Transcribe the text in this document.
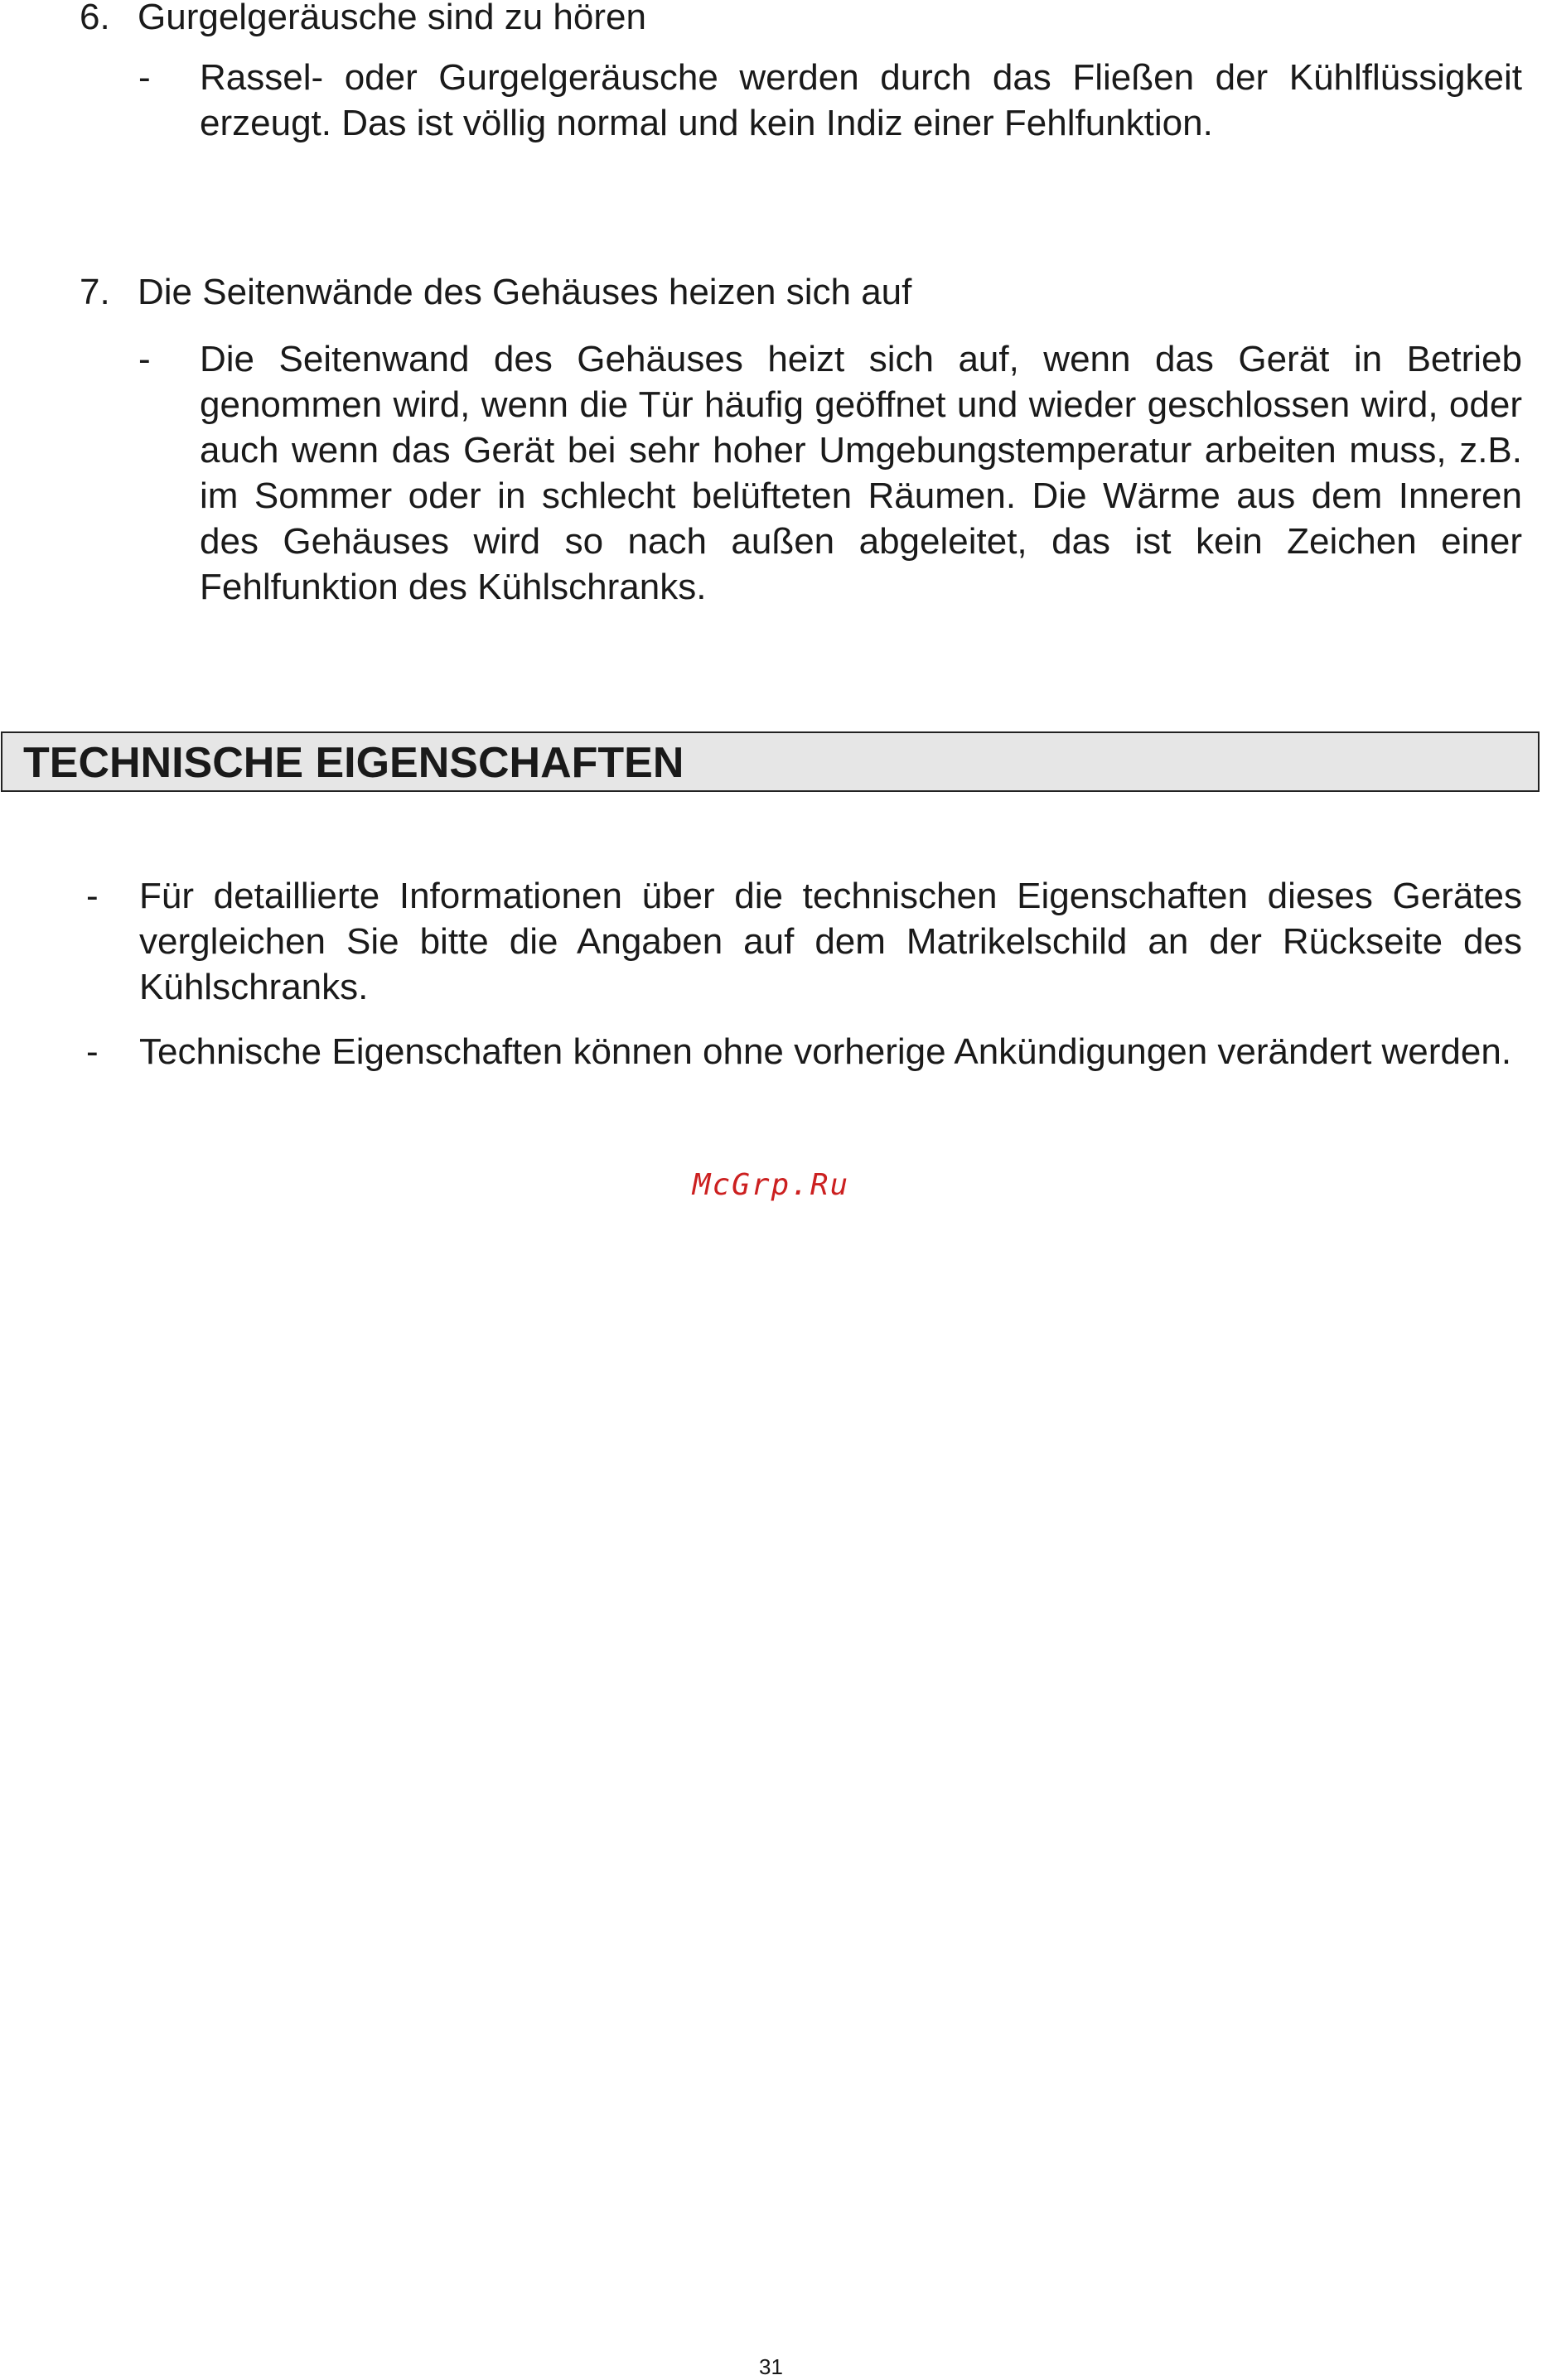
6. Gurgelgeräusche sind zu hören
- Rassel- oder Gurgelgeräusche werden durch das Fließen der Kühlflüssigkeit erzeugt. Das ist völlig normal und kein Indiz einer Fehlfunktion.
7. Die Seitenwände des Gehäuses heizen sich auf
- Die Seitenwand des Gehäuses heizt sich auf, wenn das Gerät in Betrieb genommen wird, wenn die Tür häufig geöffnet und wieder geschlossen wird, oder auch wenn das Gerät bei sehr hoher Umgebungstemperatur arbeiten muss, z.B. im Sommer oder in schlecht belüfteten Räumen. Die Wärme aus dem Inneren des Gehäuses wird so nach außen abgeleitet, das ist kein Zeichen einer Fehlfunktion des Kühlschranks.
TECHNISCHE EIGENSCHAFTEN
- Für detaillierte Informationen über die technischen Eigenschaften dieses Gerätes vergleichen Sie bitte die Angaben auf dem Matrikelschild an der Rückseite des Kühlschranks.
- Technische Eigenschaften können ohne vorherige Ankündigungen verändert werden.
McGrp.Ru
31
